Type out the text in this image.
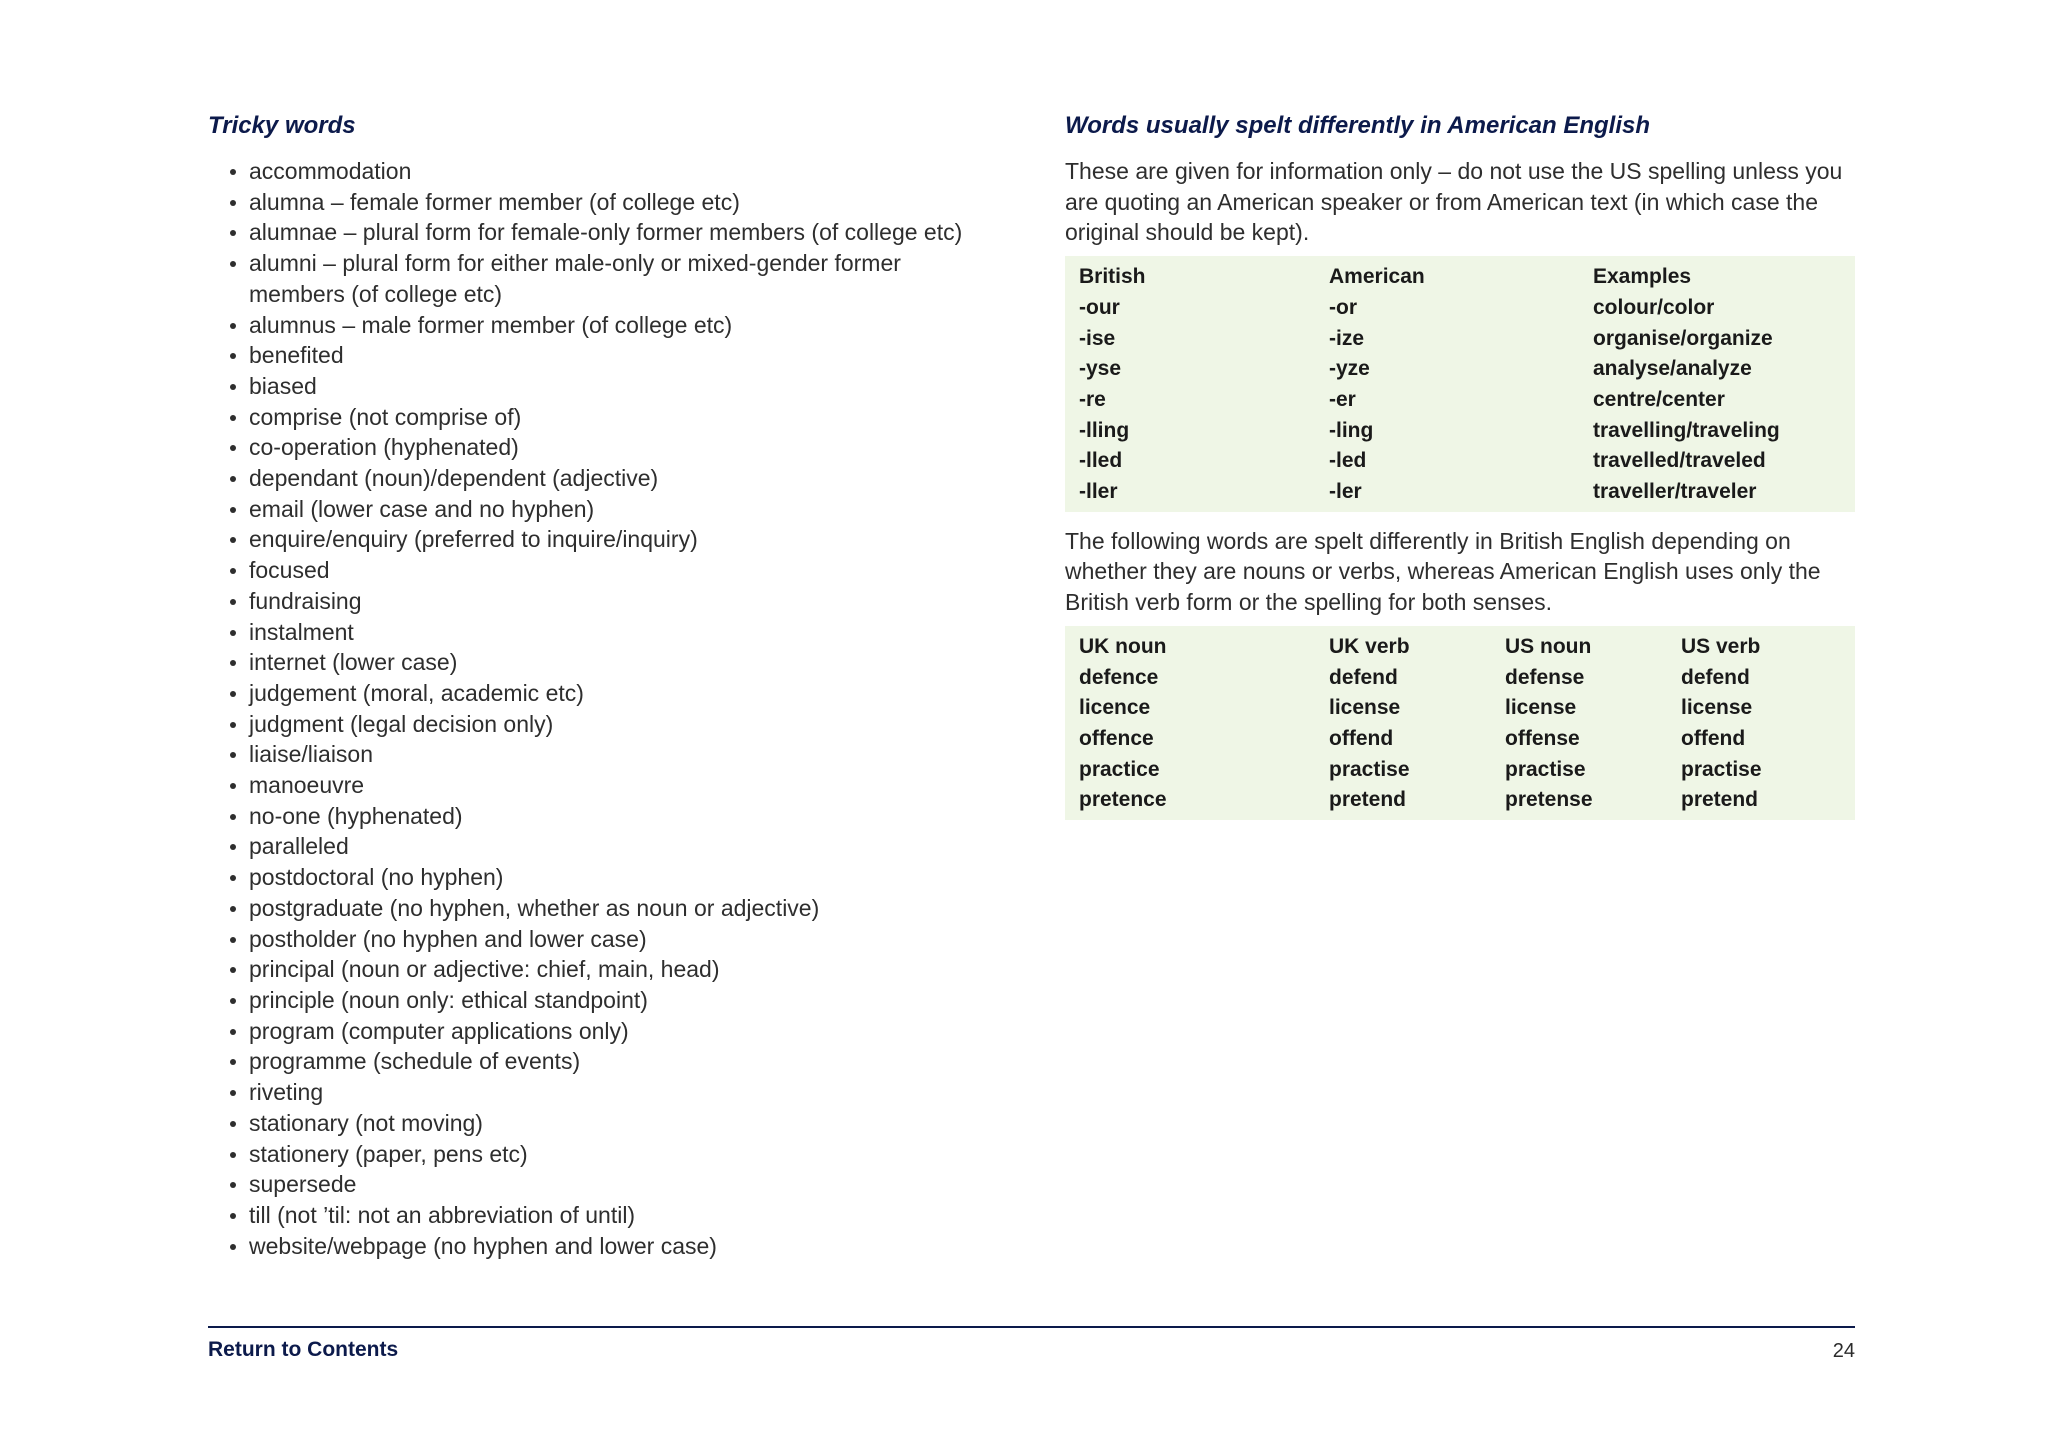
Tricky words
accommodation
alumna – female former member (of college etc)
alumnae – plural form for female-only former members (of college etc)
alumni – plural form for either male-only or mixed-gender former members (of college etc)
alumnus – male former member (of college etc)
benefited
biased
comprise (not comprise of)
co-operation (hyphenated)
dependant (noun)/dependent (adjective)
email (lower case and no hyphen)
enquire/enquiry (preferred to inquire/inquiry)
focused
fundraising
instalment
internet (lower case)
judgement (moral, academic etc)
judgment (legal decision only)
liaise/liaison
manoeuvre
no-one (hyphenated)
paralleled
postdoctoral (no hyphen)
postgraduate (no hyphen, whether as noun or adjective)
postholder (no hyphen and lower case)
principal (noun or adjective: chief, main, head)
principle (noun only: ethical standpoint)
program (computer applications only)
programme (schedule of events)
riveting
stationary (not moving)
stationery (paper, pens etc)
supersede
till (not ’til: not an abbreviation of until)
website/webpage (no hyphen and lower case)
Words usually spelt differently in American English

These are given for information only – do not use the US spelling unless you are quoting an American speaker or from American text (in which case the original should be kept).

British	American	Examples
-our	-or	colour/color
-ise	-ize	organise/organize
-yse	-yze	analyse/analyze
-re	-er	centre/center
-lling	-ling	travelling/traveling
-lled	-led	travelled/traveled
-ller	-ler	traveller/traveler

The following words are spelt differently in British English depending on whether they are nouns or verbs, whereas American English uses only the British verb form or the spelling for both senses.

UK noun	UK verb	US noun	US verb
defence	defend	defense	defend
licence	license	license	license
offence	offend	offense	offend
practice	practise	practise	practise
pretence	pretend	pretense	pretend
Return to Contents	24
